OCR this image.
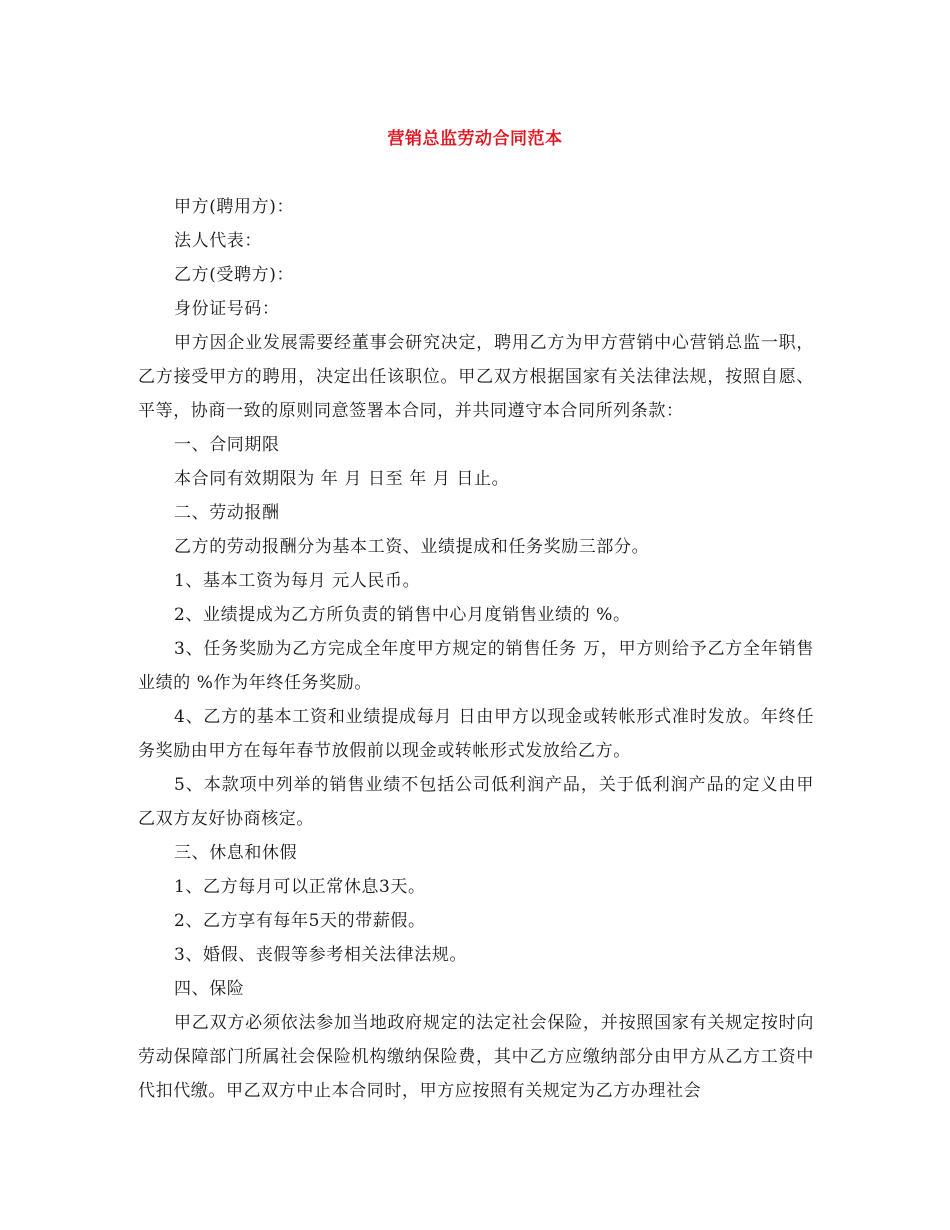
营销总监劳动合同范本

甲方(聘用方)：

法人代表：

乙方(受聘方)：

身份证号码：

甲方因企业发展需要经董事会研究决定，聘用乙方为甲方营销中心营销总监一职，乙方接受甲方的聘用，决定出任该职位。甲乙双方根据国家有关法律法规，按照自愿、平等，协商一致的原则同意签署本合同，并共同遵守本合同所列条款：

一、合同期限

本合同有效期限为 年 月 日至 年 月 日止。

二、劳动报酬

乙方的劳动报酬分为基本工资、业绩提成和任务奖励三部分。

1、基本工资为每月 元人民币。

2、业绩提成为乙方所负责的销售中心月度销售业绩的 %。

3、任务奖励为乙方完成全年度甲方规定的销售任务 万，甲方则给予乙方全年销售业绩的 %作为年终任务奖励。

4、乙方的基本工资和业绩提成每月 日由甲方以现金或转帐形式准时发放。年终任务奖励由甲方在每年春节放假前以现金或转帐形式发放给乙方。

5、本款项中列举的销售业绩不包括公司低利润产品，关于低利润产品的定义由甲乙双方友好协商核定。

三、休息和休假

1、乙方每月可以正常休息3天。

2、乙方享有每年5天的带薪假。

3、婚假、丧假等参考相关法律法规。

四、保险

甲乙双方必须依法参加当地政府规定的法定社会保险，并按照国家有关规定按时向劳动保障部门所属社会保险机构缴纳保险费，其中乙方应缴纳部分由甲方从乙方工资中代扣代缴。甲乙双方中止本合同时，甲方应按照有关规定为乙方办理社会
